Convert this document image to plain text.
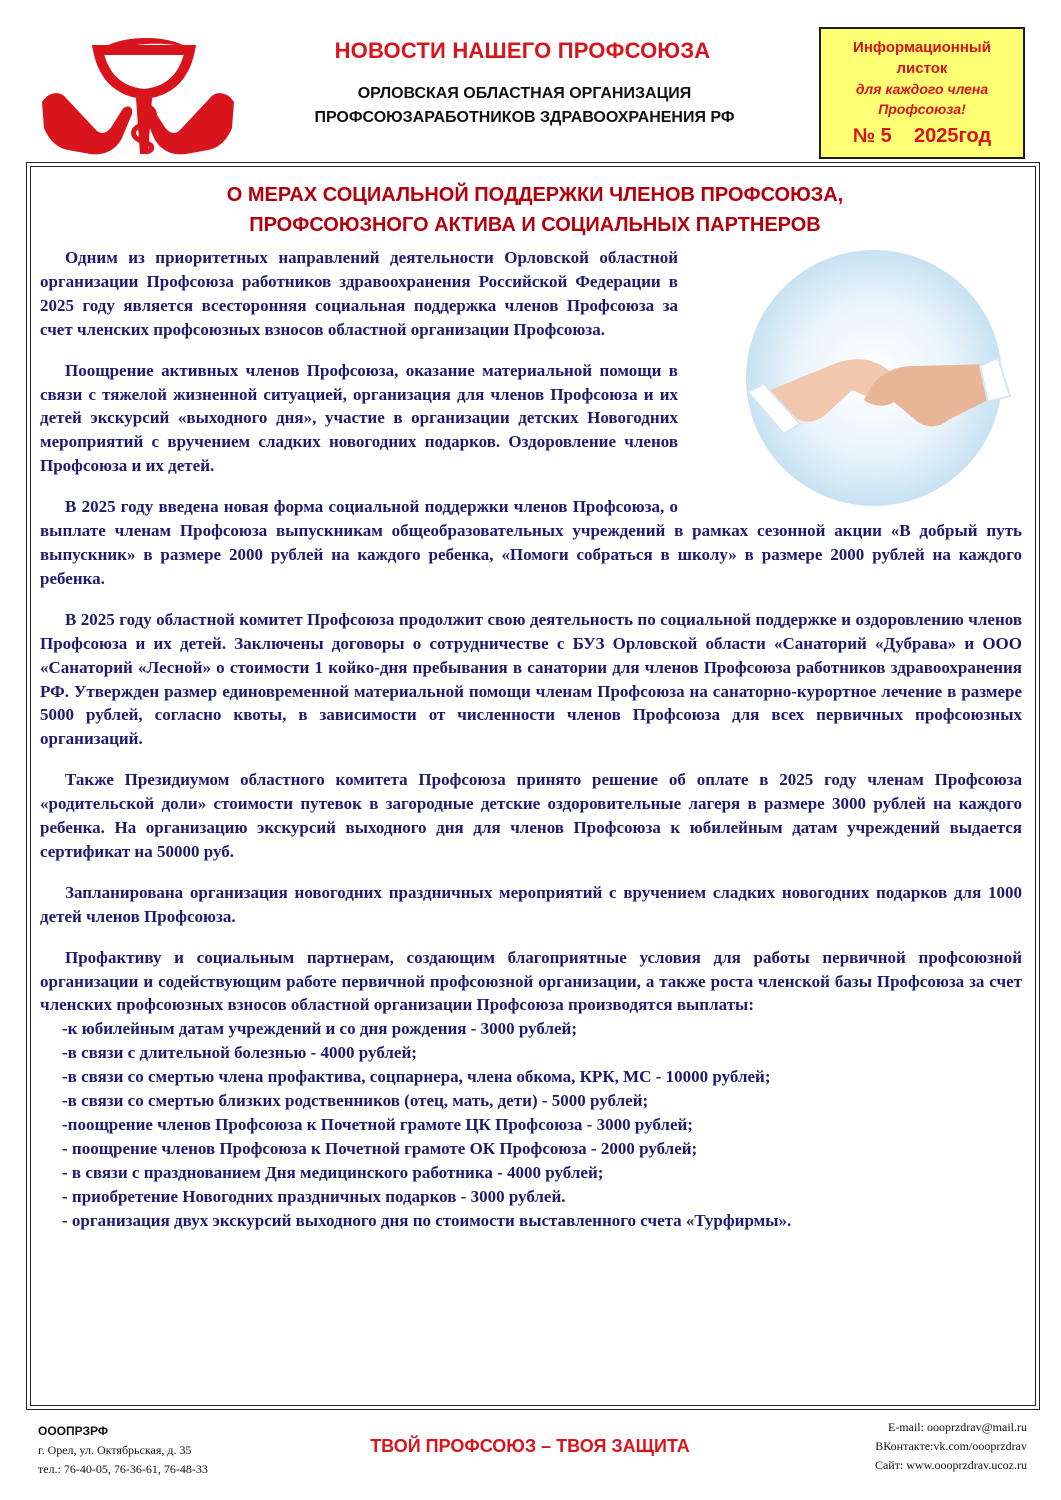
НОВОСТИ НАШЕГО ПРОФСОЮЗА
ОРЛОВСКАЯ ОБЛАСТНАЯ ОРГАНИЗАЦИЯ
ПРОФСОЮЗАРАБОТНИКОВ ЗДРАВООХРАНЕНИЯ РФ
Информационный
листок
для каждого члена
Профсоюза!
№ 5    2025год
О МЕРАХ СОЦИАЛЬНОЙ ПОДДЕРЖКИ ЧЛЕНОВ ПРОФСОЮЗА,
ПРОФСОЮЗНОГО АКТИВА И СОЦИАЛЬНЫХ ПАРТНЕРОВ

Одним из приоритетных направлений деятельности Орловской областной организации Профсоюза работников здравоохранения Российской Федерации в 2025 году является всесторонняя социальная поддержка членов Профсоюза за счет членских профсоюзных взносов областной организации Профсоюза.

Поощрение активных членов Профсоюза, оказание материальной помощи в связи с тяжелой жизненной ситуацией, организация для членов Профсоюза и их детей экскурсий «выходного дня», участие в организации детских Новогодних мероприятий с вручением сладких новогодних подарков. Оздоровление членов Профсоюза и их детей.

В 2025 году введена новая форма социальной поддержки членов Профсоюза, о выплате членам Профсоюза выпускникам общеобразовательных учреждений в рамках сезонной акции «В добрый путь выпускник» в размере 2000 рублей на каждого ребенка, «Помоги собраться в школу» в размере 2000 рублей на каждого ребенка.

В 2025 году областной комитет Профсоюза продолжит свою деятельность по социальной поддержке и оздоровлению членов Профсоюза и их детей. Заключены договоры о сотрудничестве с БУЗ Орловской области «Санаторий «Дубрава» и ООО «Санаторий «Лесной» о стоимости 1 койко-дня пребывания в санатории для членов Профсоюза работников здравоохранения РФ. Утвержден размер единовременной материальной помощи членам Профсоюза на санаторно-курортное лечение в размере 5000 рублей, согласно квоты, в зависимости от численности членов Профсоюза для всех первичных профсоюзных организаций.

Также Президиумом областного комитета Профсоюза принято решение об оплате в 2025 году членам Профсоюза «родительской доли» стоимости путевок в загородные детские оздоровительные лагеря в размере 3000 рублей на каждого ребенка. На организацию экскурсий выходного дня для членов Профсоюза к юбилейным датам учреждений выдается сертификат на 50000 руб.

Запланирована организация новогодних праздничных мероприятий с вручением сладких новогодних подарков для 1000 детей членов Профсоюза.

Профактиву и социальным партнерам, создающим благоприятные условия для работы первичной профсоюзной организации и содействующим работе первичной профсоюзной организации, а также роста членской базы Профсоюза за счет членских профсоюзных взносов областной организации Профсоюза производятся выплаты:

-к юбилейным датам учреждений и со дня рождения - 3000 рублей;
-в связи с длительной болезнью - 4000 рублей;
-в связи со смертью члена профактива, соцпарнера, члена обкома, КРК, МС - 10000 рублей;
-в связи со смертью близких родственников (отец, мать, дети) - 5000 рублей;
-поощрение членов Профсоюза к Почетной грамоте ЦК Профсоюза - 3000 рублей;
- поощрение членов Профсоюза к Почетной грамоте ОК Профсоюза - 2000 рублей;
- в связи с празднованием Дня медицинского работника - 4000 рублей;
- приобретение Новогодних праздничных подарков - 3000 рублей.
- организация двух экскурсий выходного дня по стоимости выставленного счета «Турфирмы».
ОООПРЗРФ
г. Орел, ул. Октябрьская, д. 35
тел.: 76-40-05, 76-36-61, 76-48-33
ТВОЙ ПРОФСОЮЗ – ТВОЯ ЗАЩИТА
E-mail: oooprzdrav@mail.ru
ВКонтакте:vk.com/oooprzdrav
Сайт: www.oooprzdrav.ucoz.ru
